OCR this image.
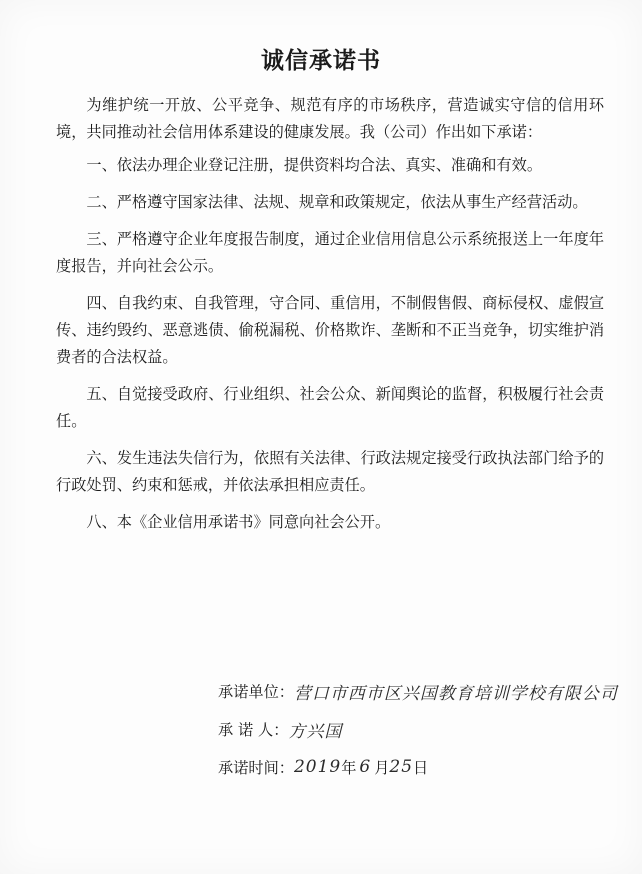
诚信承诺书

为维护统一开放、公平竞争、规范有序的市场秩序，营造诚实守信的信用环境，共同推动社会信用体系建设的健康发展。我（公司）作出如下承诺：

一、依法办理企业登记注册，提供资料均合法、真实、准确和有效。

二、严格遵守国家法律、法规、规章和政策规定，依法从事生产经营活动。

三、严格遵守企业年度报告制度，通过企业信用信息公示系统报送上一年度年度报告，并向社会公示。

四、自我约束、自我管理，守合同、重信用，不制假售假、商标侵权、虚假宣传、违约毁约、恶意逃债、偷税漏税、价格欺诈、垄断和不正当竞争，切实维护消费者的合法权益。

五、自觉接受政府、行业组织、社会公众、新闻舆论的监督，积极履行社会责任。

六、发生违法失信行为，依照有关法律、行政法规定接受行政执法部门给予的行政处罚、约束和惩戒，并依法承担相应责任。

八、本《企业信用承诺书》同意向社会公开。

承诺单位： 营口市西市区兴国教育培训学校有限公司
承 诺 人： 方兴国
承诺时间： 2019 年 6 月 25 日
